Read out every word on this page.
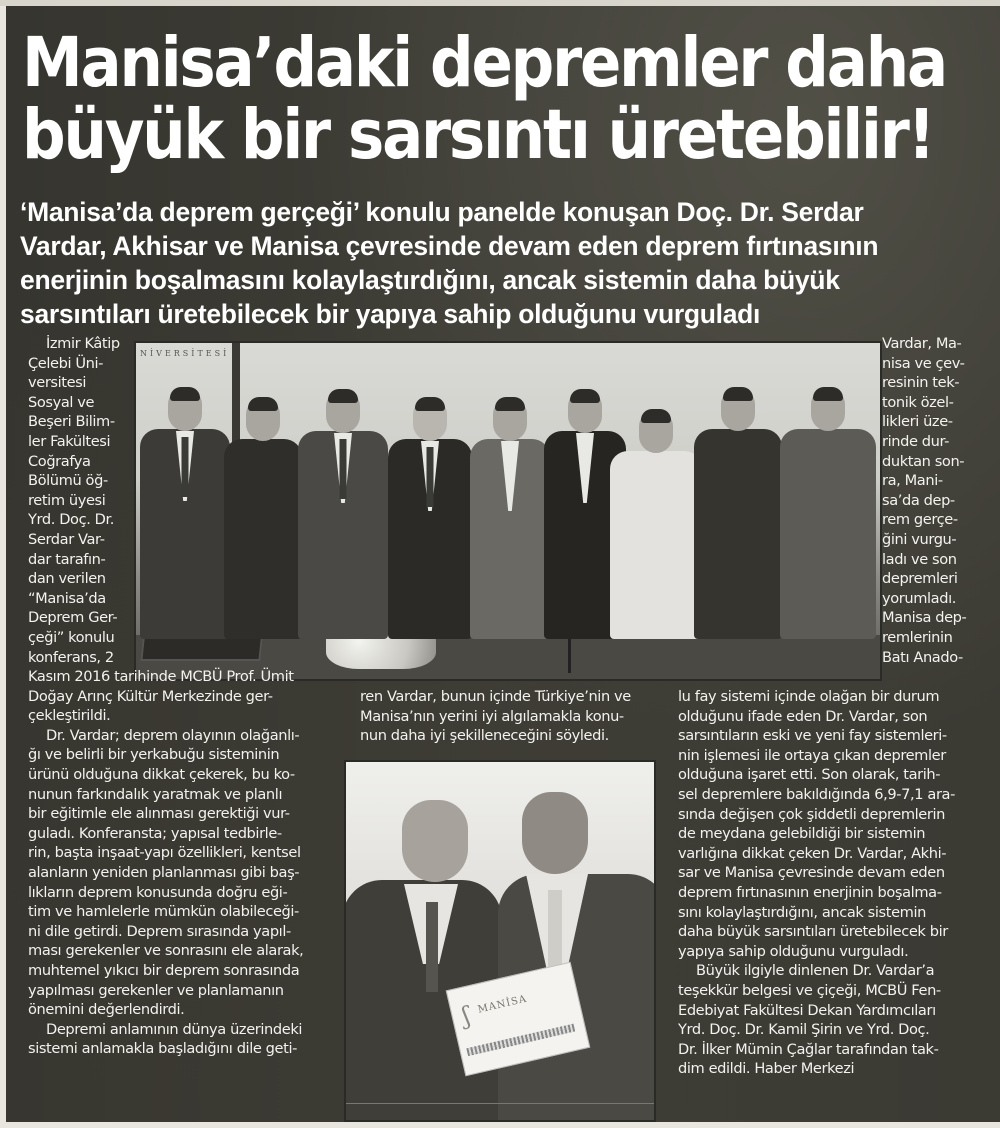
Manisa’daki depremler daha
büyük bir sarsıntı üretebilir!
‘Manisa’da deprem gerçeği’ konulu panelde konuşan Doç. Dr. Serdar
Vardar, Akhisar ve Manisa çevresinde devam eden deprem fırtınasının
enerjinin boşalmasını kolaylaştırdığını, ancak sistemin daha büyük
sarsıntıları üretebilecek bir yapıya sahip olduğunu vurguladı
NİVERSİTESİ
İzmir Kâtip
Çelebi Üni-
versitesi
Sosyal ve
Beşeri Bilim-
ler Fakültesi
Coğrafya
Bölümü öğ-
retim üyesi
Yrd. Doç. Dr.
Serdar Var-
dar tarafın-
dan verilen
“Manisa’da
Deprem Ger-
çeği” konulu
konferans, 2
Kasım 2016 tarihinde MCBÜ Prof. Ümit
Doğay Arınç Kültür Merkezinde ger-
çekleştirildi.
Dr. Vardar; deprem olayının olağanlı-
ğı ve belirli bir yerkabuğu sisteminin
ürünü olduğuna dikkat çekerek, bu ko-
nunun farkındalık yaratmak ve planlı
bir eğitimle ele alınması gerektiği vur-
guladı. Konferansta; yapısal tedbirle-
rin, başta inşaat-yapı özellikleri, kentsel
alanların yeniden planlanması gibi baş-
lıkların deprem konusunda doğru eği-
tim ve hamlelerle mümkün olabileceği-
ni dile getirdi. Deprem sırasında yapıl-
ması gerekenler ve sonrasını ele alarak,
muhtemel yıkıcı bir deprem sonrasında
yapılması gerekenler ve planlamanın
önemini değerlendirdi.
Depremi anlamının dünya üzerindeki
sistemi anlamakla başladığını dile geti-
ren Vardar, bunun içinde Türkiye’nin ve
Manisa’nın yerini iyi algılamakla konu-
nun daha iyi şekilleneceğini söyledi.
Vardar, Ma-
nisa ve çev-
resinin tek-
tonik özel-
likleri üze-
rinde dur-
duktan son-
ra, Mani-
sa’da dep-
rem gerçe-
ğini vurgu-
ladı ve son
depremleri
yorumladı.
Manisa dep-
remlerinin
Batı Anado-
lu fay sistemi içinde olağan bir durum
olduğunu ifade eden Dr. Vardar, son
sarsıntıların eski ve yeni fay sistemleri-
nin işlemesi ile ortaya çıkan depremler
olduğuna işaret etti. Son olarak, tarih-
sel depremlere bakıldığında 6,9-7,1 ara-
sında değişen çok şiddetli depremlerin
de meydana gelebildiği bir sistemin
varlığına dikkat çeken Dr. Vardar, Akhi-
sar ve Manisa çevresinde devam eden
deprem fırtınasının enerjinin boşalma-
sını kolaylaştırdığını, ancak sistemin
daha büyük sarsıntıları üretebilecek bir
yapıya sahip olduğunu vurguladı.
Büyük ilgiyle dinlenen Dr. Vardar’a
teşekkür belgesi ve çiçeği, MCBÜ Fen-
Edebiyat Fakültesi Dekan Yardımcıları
Yrd. Doç. Dr. Kamil Şirin ve Yrd. Doç.
Dr. İlker Mümin Çağlar tarafından tak-
dim edildi. Haber Merkezi
ʃ MANİSA
